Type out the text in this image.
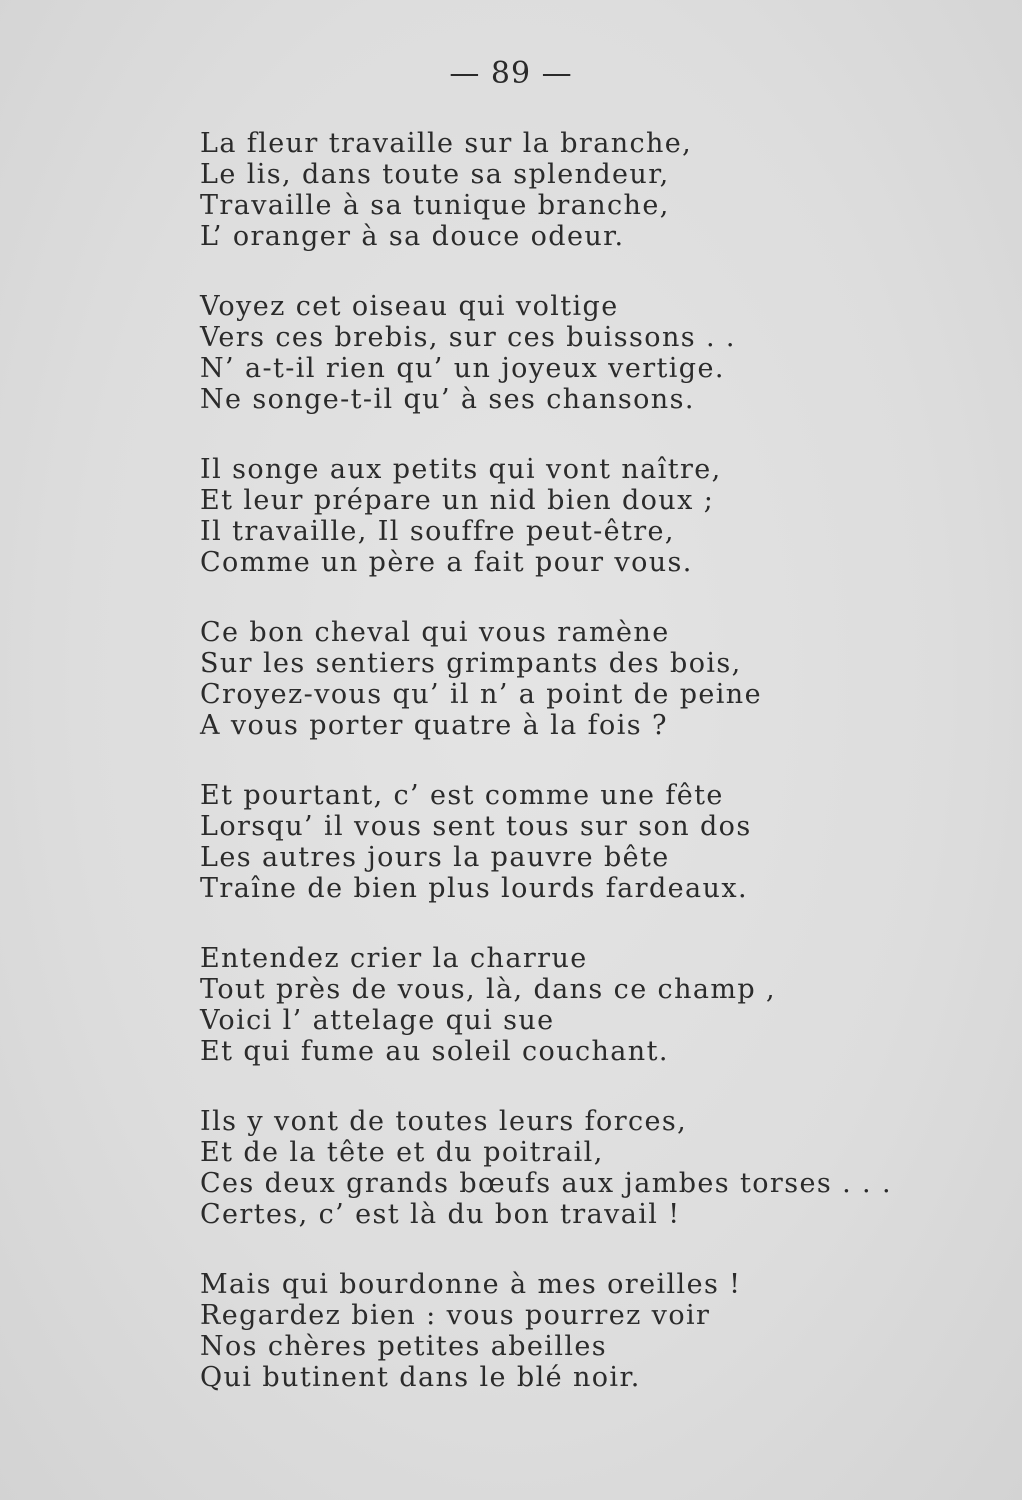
— 89 —
La fleur travaille sur la branche,
Le lis, dans toute sa splendeur,
Travaille à sa tunique branche,
L’ oranger à sa douce odeur.
Voyez cet oiseau qui voltige
Vers ces brebis, sur ces buissons . .
N’ a-t-il rien qu’ un joyeux vertige.
Ne songe-t-il qu’ à ses chansons.
Il songe aux petits qui vont naître,
Et leur prépare un nid bien doux ;
Il travaille, Il souffre peut-être,
Comme un père a fait pour vous.
Ce bon cheval qui vous ramène
Sur les sentiers grimpants des bois,
Croyez-vous qu’ il n’ a point de peine
A vous porter quatre à la fois ?
Et pourtant, c’ est comme une fête
Lorsqu’ il vous sent tous sur son dos
Les autres jours la pauvre bête
Traîne de bien plus lourds fardeaux.
Entendez crier la charrue
Tout près de vous, là, dans ce champ ,
Voici l’ attelage qui sue
Et qui fume au soleil couchant.
Ils y vont de toutes leurs forces,
Et de la tête et du poitrail,
Ces deux grands bœufs aux jambes torses . . .
Certes, c’ est là du bon travail !
Mais qui bourdonne à mes oreilles !
Regardez bien : vous pourrez voir
Nos chères petites abeilles
Qui butinent dans le blé noir.
